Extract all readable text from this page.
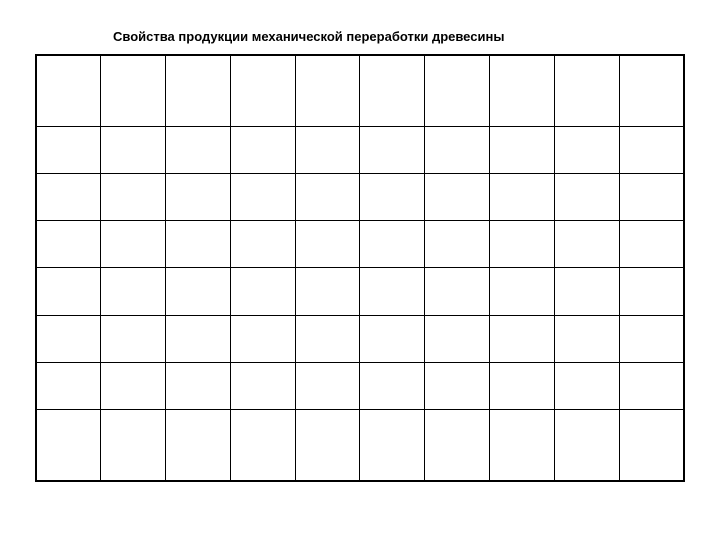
Свойства продукции механической переработки древесины
